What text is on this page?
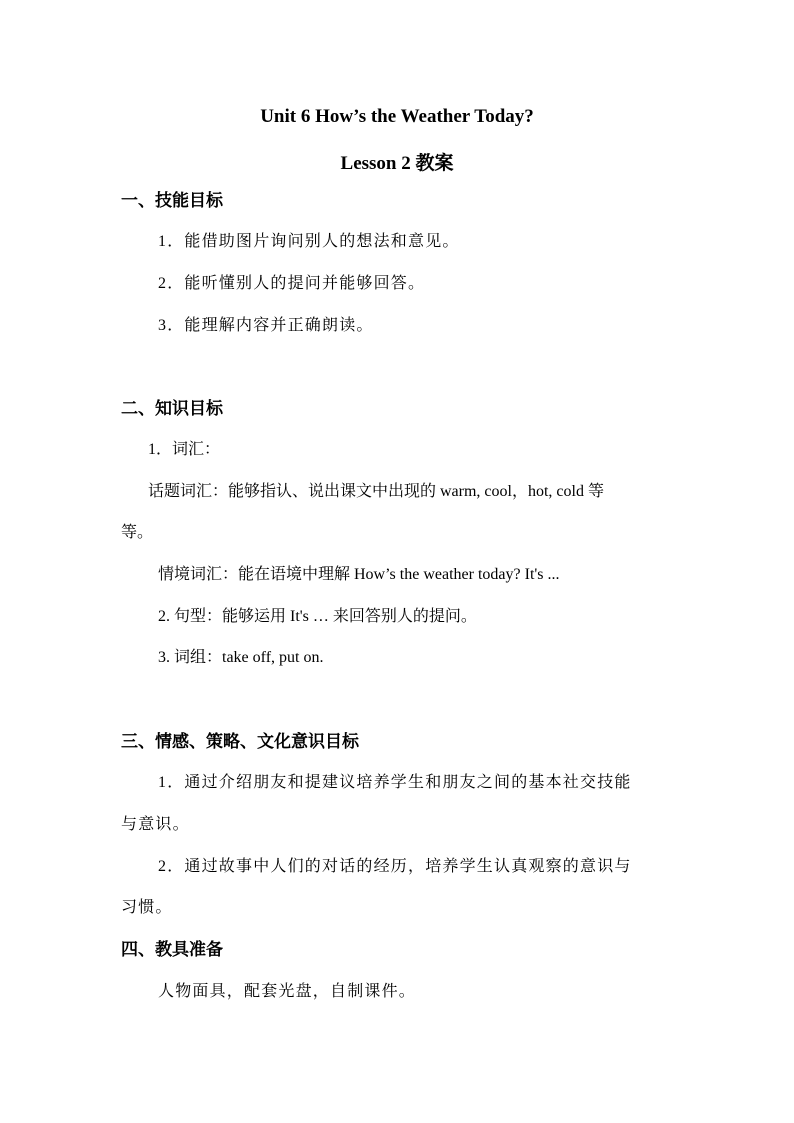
Unit 6 How’s the Weather Today?
Lesson 2 教案
一、技能目标
1．能借助图片询问别人的想法和意见。
2．能听懂别人的提问并能够回答。
3．能理解内容并正确朗读。
二、知识目标
1．词汇：
话题词汇：能够指认、说出课文中出现的 warm, cool，hot, cold 等
等。
情境词汇：能在语境中理解 How’s the weather today? It's ...
2. 句型：能够运用 It's … 来回答别人的提问。
3. 词组：take off, put on.
三、情感、策略、文化意识目标
1．通过介绍朋友和提建议培养学生和朋友之间的基本社交技能
与意识。
2．通过故事中人们的对话的经历，培养学生认真观察的意识与
习惯。
四、教具准备
人物面具，配套光盘，自制课件。
